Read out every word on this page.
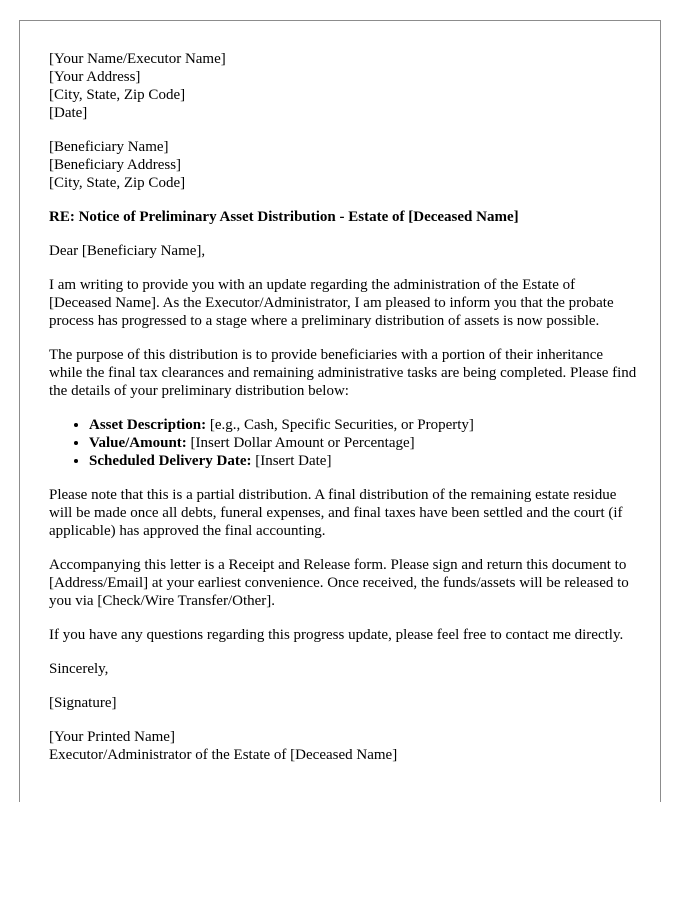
[Your Name/Executor Name]
[Your Address]
[City, State, Zip Code]
[Date]
[Beneficiary Name]
[Beneficiary Address]
[City, State, Zip Code]

RE: Notice of Preliminary Asset Distribution - Estate of [Deceased Name]

Dear [Beneficiary Name],

I am writing to provide you with an update regarding the administration of the Estate of [Deceased Name]. As the Executor/Administrator, I am pleased to inform you that the probate process has progressed to a stage where a preliminary distribution of assets is now possible.

The purpose of this distribution is to provide beneficiaries with a portion of their inheritance while the final tax clearances and remaining administrative tasks are being completed. Please find the details of your preliminary distribution below:

• Asset Description: [e.g., Cash, Specific Securities, or Property]
• Value/Amount: [Insert Dollar Amount or Percentage]
• Scheduled Delivery Date: [Insert Date]

Please note that this is a partial distribution. A final distribution of the remaining estate residue will be made once all debts, funeral expenses, and final taxes have been settled and the court (if applicable) has approved the final accounting.

Accompanying this letter is a Receipt and Release form. Please sign and return this document to [Address/Email] at your earliest convenience. Once received, the funds/assets will be released to you via [Check/Wire Transfer/Other].

If you have any questions regarding this progress update, please feel free to contact me directly.

Sincerely,

[Signature]

[Your Printed Name]
Executor/Administrator of the Estate of [Deceased Name]
